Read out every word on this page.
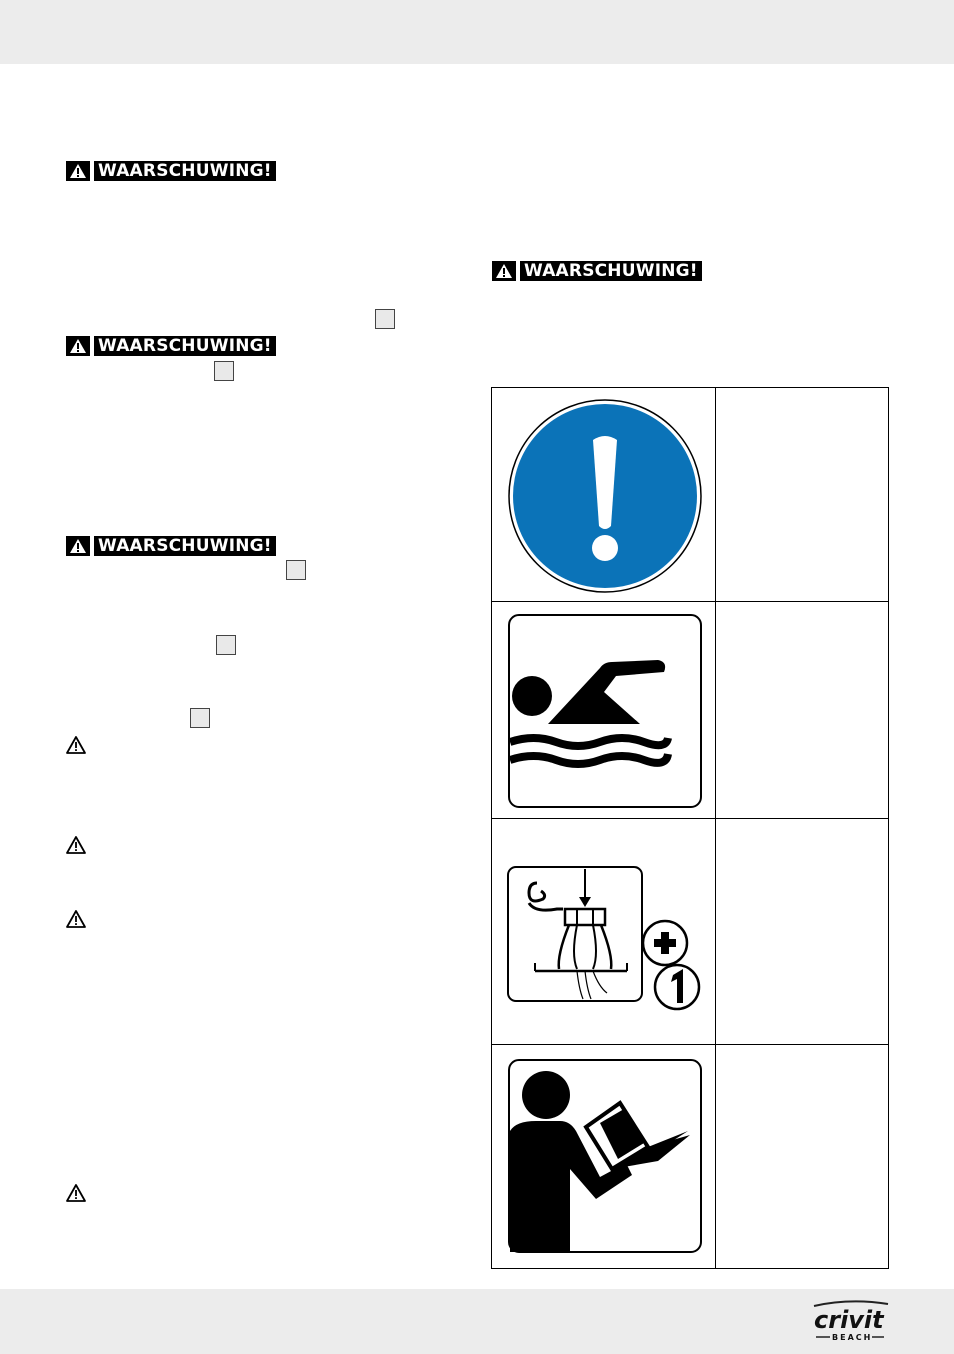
WAARSCHUWING!
WAARSCHUWING!
WAARSCHUWING!
WAARSCHUWING!
crivit
BEACH
